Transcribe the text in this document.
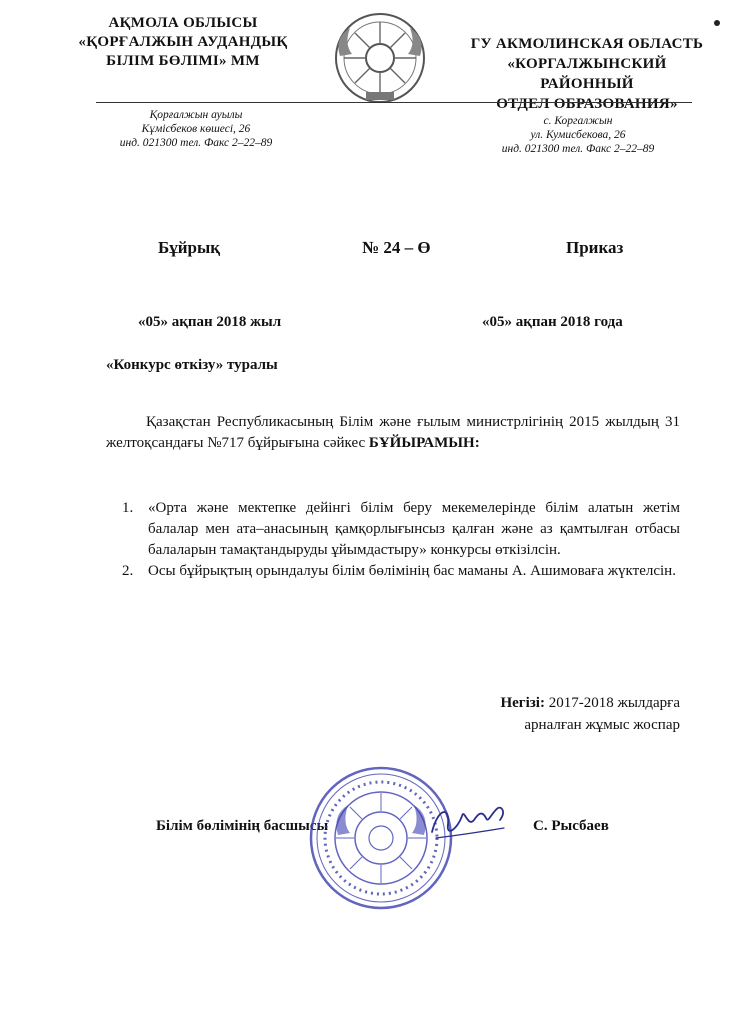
АҚМОЛА ОБЛЫСЫ
«ҚОРҒАЛЖЫН АУДАНДЫҚ
БІЛІМ БӨЛІМІ» ММ
ГУ АКМОЛИНСКАЯ ОБЛАСТЬ
«КОРГАЛЖЫНСКИЙ
РАЙОННЫЙ
ОТДЕЛ ОБРАЗОВАНИЯ»
Қорғалжын ауылы
Кұмісбеков көшесі, 26
инд. 021300 тел. Факс 2–22–89
с. Коргалжын
ул. Кумисбекова, 26
инд. 021300 тел. Факс 2–22–89
Бұйрық	№ 24 – Ө	Приказ
«05» ақпан 2018 жыл	«05» ақпан 2018 года
«Конкурс өткізу» туралы
Қазақстан Республикасының Білім және ғылым министрлігінің 2015 жылдың 31 желтоқсандағы №717 бұйрығына сәйкес БҰЙЫРАМЫН:
1. «Орта және мектепке дейінгі білім беру мекемелерінде білім алатын жетім балалар мен ата–анасының қамқорлығынсыз қалған және аз қамтылған отбасы балаларын тамақтандыруды ұйымдастыру» конкурсы өткізілсін.
2. Осы бұйрықтың орындалуы білім бөлімінің бас маманы А. Ашимоваға жүктелсін.
Негізі: 2017-2018 жылдарға
арналған жұмыс жоспар
Білім бөлімінің басшысы	С. Рысбаев
